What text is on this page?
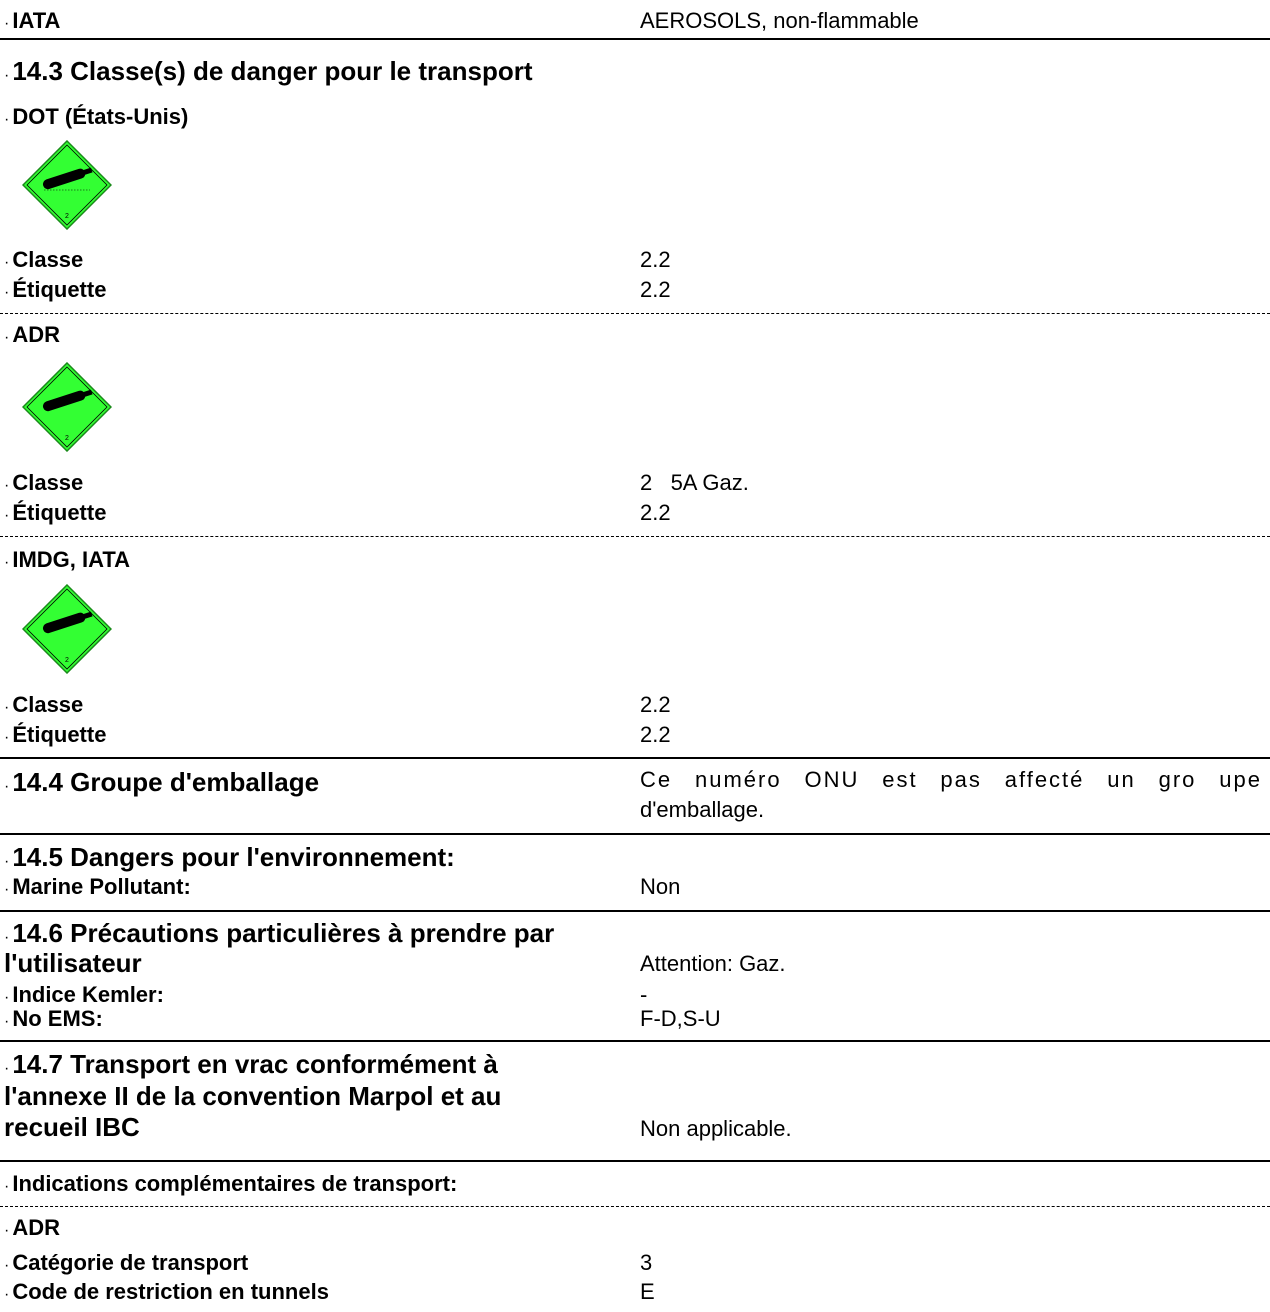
· IATA	AEROSOLS, non-flammable
· 14.3 Classe(s) de danger pour le transport
· DOT (États-Unis)
2
· Classe	2.2
· Étiquette	2.2
· ADR
2
· Classe	2   5A Gaz.
· Étiquette	2.2
· IMDG, IATA
2
· Classe	2.2
· Étiquette	2.2
· 14.4 Groupe d'emballage	Ce numéro ONU est pas affecté un gro upe
d'emballage.
· 14.5 Dangers pour l'environnement:
· Marine Pollutant:	Non
· 14.6 Précautions particulières à prendre par
l'utilisateur	Attention: Gaz.
· Indice Kemler:	-
· No EMS:	F-D,S-U
· 14.7 Transport en vrac conformément à
l'annexe II de la convention Marpol et au
recueil IBC	Non applicable.
· Indications complémentaires de transport:
· ADR
· Catégorie de transport	3
· Code de restriction en tunnels	E
